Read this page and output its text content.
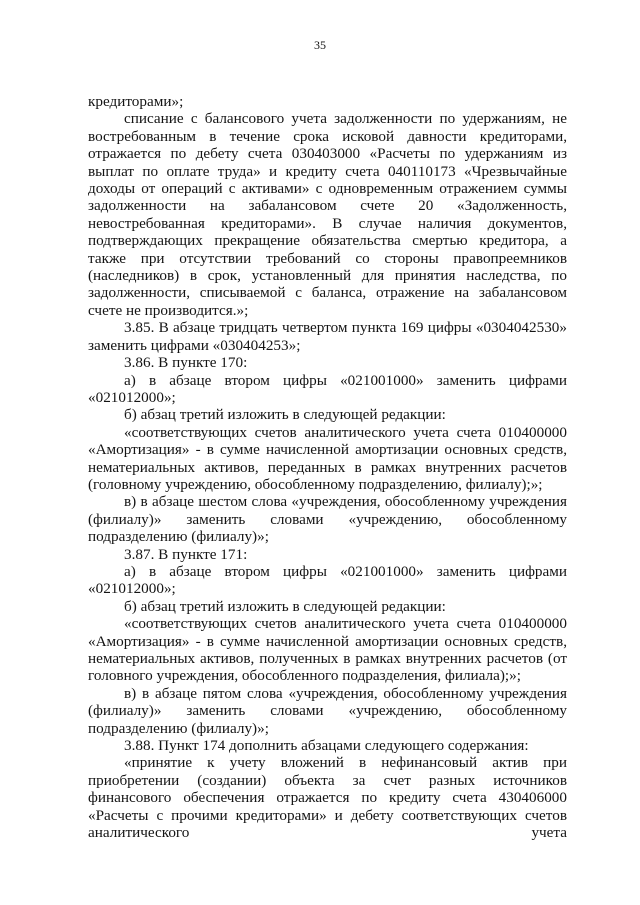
35

кредиторами»;

списание с балансового учета задолженности по удержаниям, не востребованным в течение срока исковой давности кредиторами, отражается по дебету счета 030403000 «Расчеты по удержаниям из выплат по оплате труда» и кредиту счета 040110173 «Чрезвычайные доходы от операций с активами» с одновременным отражением суммы задолженности на забалансовом счете 20 «Задолженность, невостребованная кредиторами». В случае наличия документов, подтверждающих прекращение обязательства смертью кредитора, а также при отсутствии требований со стороны правопреемников (наследников) в срок, установленный для принятия наследства, по задолженности, списываемой с баланса, отражение на забалансовом счете не производится.»;

3.85. В абзаце тридцать четвертом пункта 169 цифры «0304042530» заменить цифрами «030404253»;

3.86. В пункте 170:

а) в абзаце втором цифры «021001000» заменить цифрами «021012000»;

б) абзац третий изложить в следующей редакции:

«соответствующих счетов аналитического учета счета 010400000 «Амортизация» - в сумме начисленной амортизации основных средств, нематериальных активов, переданных в рамках внутренних расчетов (головному учреждению, обособленному подразделению, филиалу);»;

в) в абзаце шестом слова «учреждения, обособленному учреждения (филиалу)» заменить словами «учреждению, обособленному подразделению (филиалу)»;

3.87. В пункте 171:

а) в абзаце втором цифры «021001000» заменить цифрами «021012000»;

б) абзац третий изложить в следующей редакции:

«соответствующих счетов аналитического учета счета 010400000 «Амортизация» - в сумме начисленной амортизации основных средств, нематериальных активов, полученных в рамках внутренних расчетов (от головного учреждения, обособленного подразделения, филиала);»;

в) в абзаце пятом слова «учреждения, обособленному учреждения (филиалу)» заменить словами «учреждению, обособленному подразделению (филиалу)»;

3.88. Пункт 174 дополнить абзацами следующего содержания:

«принятие к учету вложений в нефинансовый актив при приобретении (создании) объекта за счет разных источников финансового обеспечения отражается по кредиту счета 430406000 «Расчеты с прочими кредиторами» и дебету соответствующих счетов аналитического учета
